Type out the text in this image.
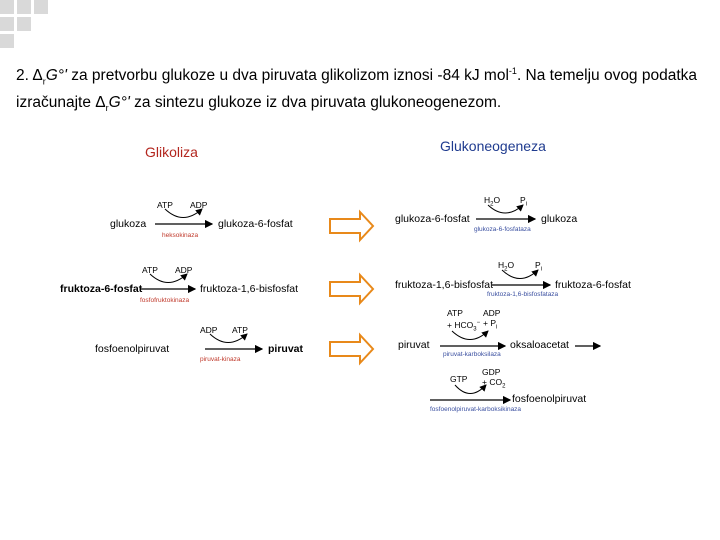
2. $\Delta_rG^\circ'$ za pretvorbu glukoze u dva piruvata glikolizom iznosi -84 kJ mol$^{-1}$. Na temelju ovog podatka izračunajte $\Delta_rG^\circ'$ za sintezu glukoze iz dva piruvata glukoneogenezom.
Glikoliza	Glukoneogeneza
ATP ADP
glukoza	glukoza-6-fosfat
heksokinaza
ATP ADP
fruktoza-6-fosfat	fruktoza-1,6-bisfosfat
fosfofruktokinaza
ADP ATP
fosfoenolpiruvat	piruvat
piruvat-kinaza
$H_2O$ $P_i$
glukoza-6-fosfat	glukoza
glukoza-6-fosfataza
$H_2O$ $P_i$
fruktoza-1,6-bisfosfat	fruktoza-6-fosfat
fruktoza-1,6-bisfosfataza
ATP
+ $HCO_3^-$
ADP
+ $P_i$
piruvat	oksaloacetat
piruvat-karboksilaza
GTP
GDP
+ $CO_2$
fosfoenolpiruvat
fosfoenolpiruvat-karboksikinaza
